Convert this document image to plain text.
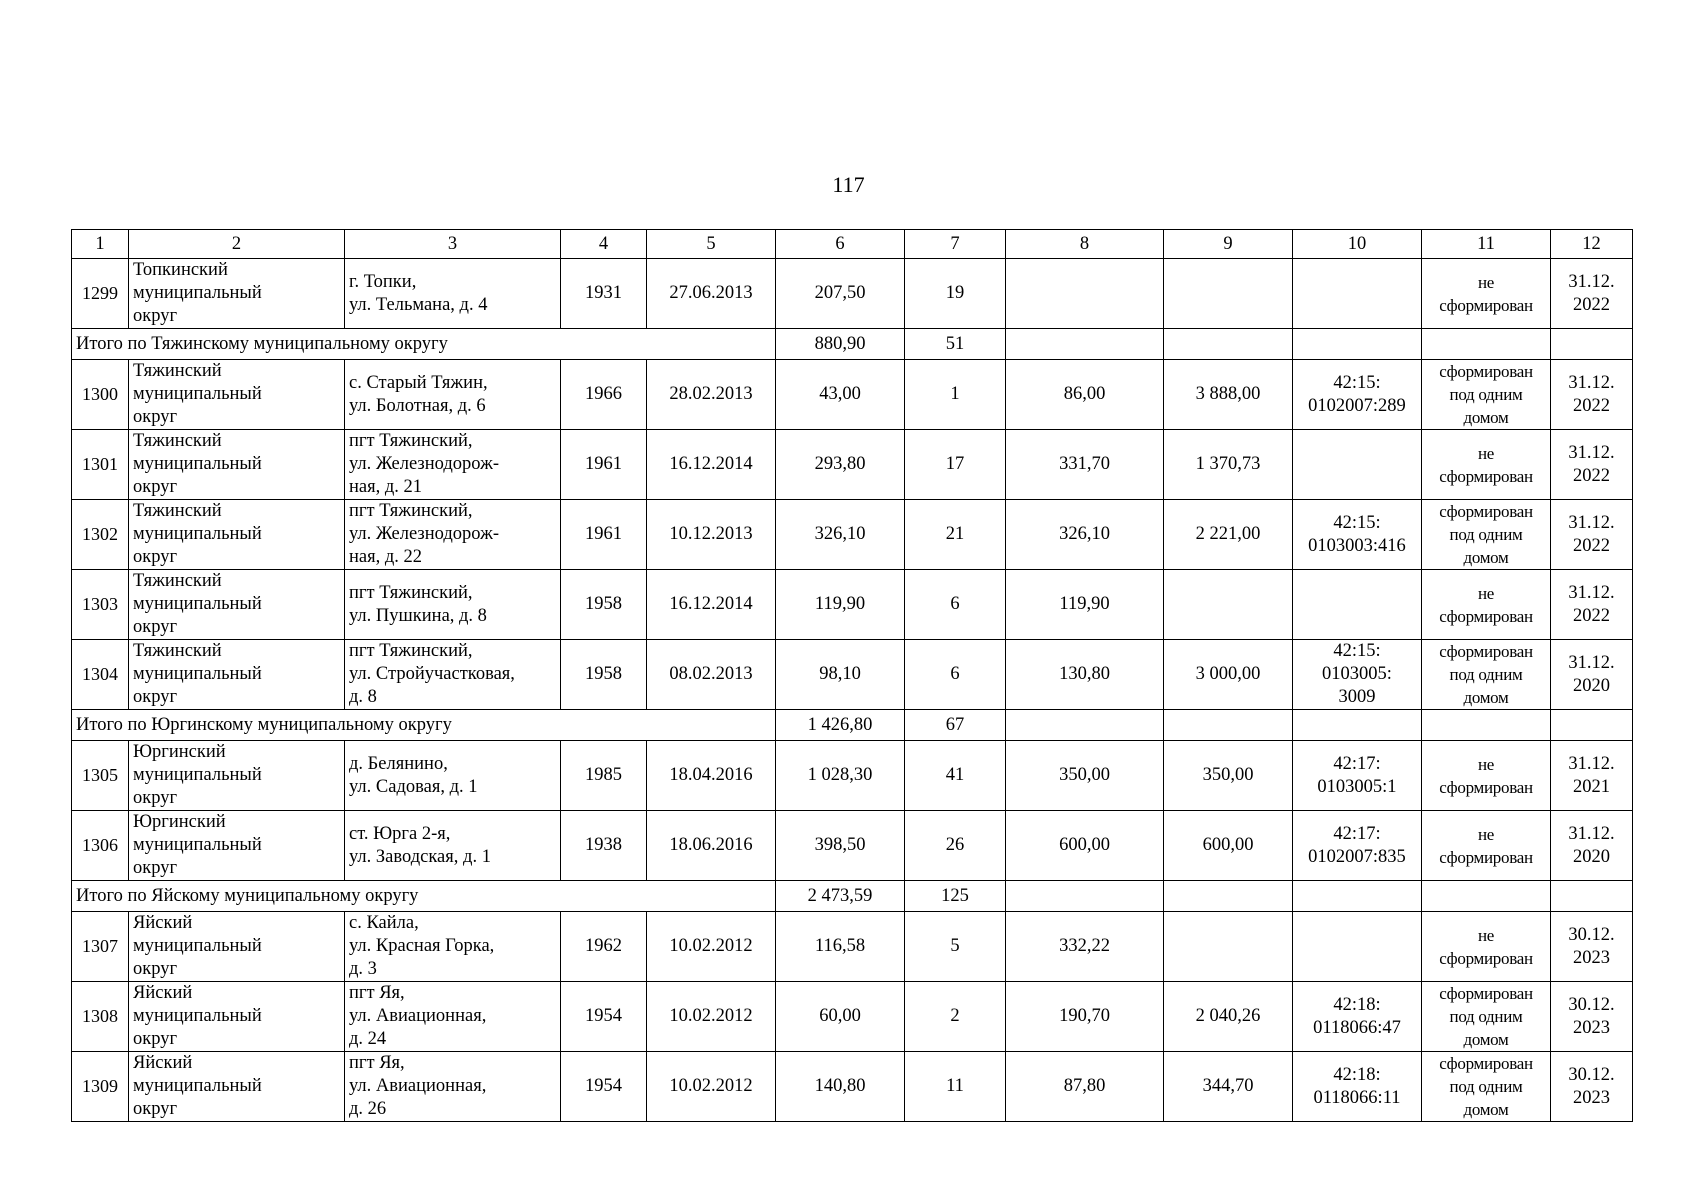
117
1	2	3	4	5	6	7	8	9	10	11	12
1299	Топкинский
муниципальный
округ	г. Топки,
ул. Тельмана, д. 4	1931	27.06.2013	207,50	19				не
сформирован	31.12.
2022

Итого по Тяжинскому муниципальному округу					880,90	51					
1300	Тяжинский
муниципальный
округ	с. Старый Тяжин,
ул. Болотная, д. 6	1966	28.02.2013	43,00	1	86,00	3 888,00	42:15:
0102007:289	сформирован
под одним
домом	31.12.
2022

1301	Тяжинский
муниципальный
округ	пгт Тяжинский,
ул. Железнодорож-
ная, д. 21	1961	16.12.2014	293,80	17	331,70	1 370,73		не
сформирован	31.12.
2022

1302	Тяжинский
муниципальный
округ	пгт Тяжинский,
ул. Железнодорож-
ная, д. 22	1961	10.12.2013	326,10	21	326,10	2 221,00	42:15:
0103003:416	сформирован
под одним
домом	31.12.
2022

1303	Тяжинский
муниципальный
округ	пгт Тяжинский,
ул. Пушкина, д. 8	1958	16.12.2014	119,90	6	119,90			не
сформирован	31.12.
2022

1304	Тяжинский
муниципальный
округ	пгт Тяжинский,
ул. Стройучастковая,
д. 8	1958	08.02.2013	98,10	6	130,80	3 000,00	42:15:
0103005:
3009	сформирован
под одним
домом	31.12.
2020

Итого по Юргинскому муниципальному округу					1 426,80	67					
1305	Юргинский
муниципальный
округ	д. Белянино,
ул. Садовая, д. 1	1985	18.04.2016	1 028,30	41	350,00	350,00	42:17:
0103005:1	не
сформирован	31.12.
2021

1306	Юргинский
муниципальный
округ	ст. Юрга 2-я,
ул. Заводская, д. 1	1938	18.06.2016	398,50	26	600,00	600,00	42:17:
0102007:835	не
сформирован	31.12.
2020

Итого по Яйскому муниципальному округу					2 473,59	125					
1307	Яйский
муниципальный
округ	с. Кайла,
ул. Красная Горка,
д. 3	1962	10.02.2012	116,58	5	332,22			не
сформирован	30.12.
2023

1308	Яйский
муниципальный
округ	пгт Яя,
ул. Авиационная,
д. 24	1954	10.02.2012	60,00	2	190,70	2 040,26	42:18:
0118066:47	сформирован
под одним
домом	30.12.
2023

1309	Яйский
муниципальный
округ	пгт Яя,
ул. Авиационная,
д. 26	1954	10.02.2012	140,80	11	87,80	344,70	42:18:
0118066:11	сформирован
под одним
домом	30.12.
2023
